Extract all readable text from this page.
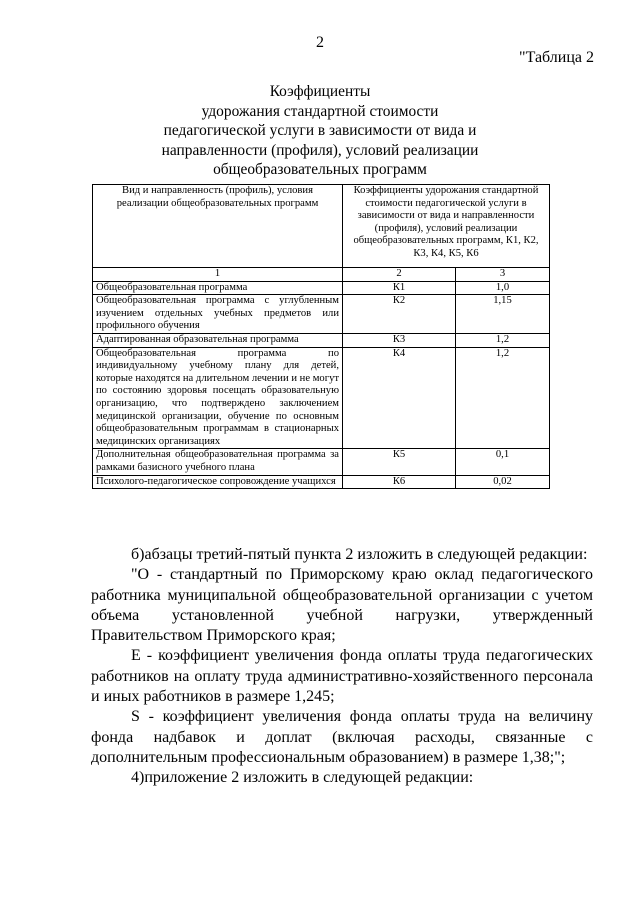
2
"Таблица 2
Коэффициенты
удорожания стандартной стоимости
педагогической услуги в зависимости от вида и
направленности (профиля), условий реализации
общеобразовательных программ
Вид и направленность (профиль), условия реализации общеобразовательных программ	Коэффициенты удорожания стандартной стоимости педагогической услуги в зависимости от вида и направленности (профиля), условий реализации общеобразовательных программ, К1, К2, К3, К4, К5, К6	
1	2	3
Общеобразовательная программа	К1	1,0
Общеобразовательная программа с углубленным изучением отдельных учебных предметов или профильного обучения	К2	1,15
Адаптированная образовательная программа	К3	1,2
Общеобразовательная программа по индивидуальному учебному плану для детей, которые находятся на длительном лечении и не могут по состоянию здоровья посещать образовательную организацию, что подтверждено заключением медицинской организации, обучение по основным общеобразовательным программам в стационарных медицинских организациях	К4	1,2
Дополнительная общеобразовательная программа за рамками базисного учебного плана	К5	0,1
Психолого-педагогическое сопровождение учащихся	К6	0,02

б)абзацы третий-пятый пункта 2 изложить в следующей редакции:

"О - стандартный по Приморскому краю оклад педагогического работника муниципальной общеобразовательной организации с учетом объема установленной учебной нагрузки, утвержденный Правительством Приморского края;

Е - коэффициент увеличения фонда оплаты труда педагогических работников на оплату труда административно-хозяйственного персонала и иных работников в размере 1,245;

S - коэффициент увеличения фонда оплаты труда на величину фонда надбавок и доплат (включая расходы, связанные с дополнительным профессиональным образованием) в размере 1,38;";

4)приложение 2 изложить в следующей редакции:
